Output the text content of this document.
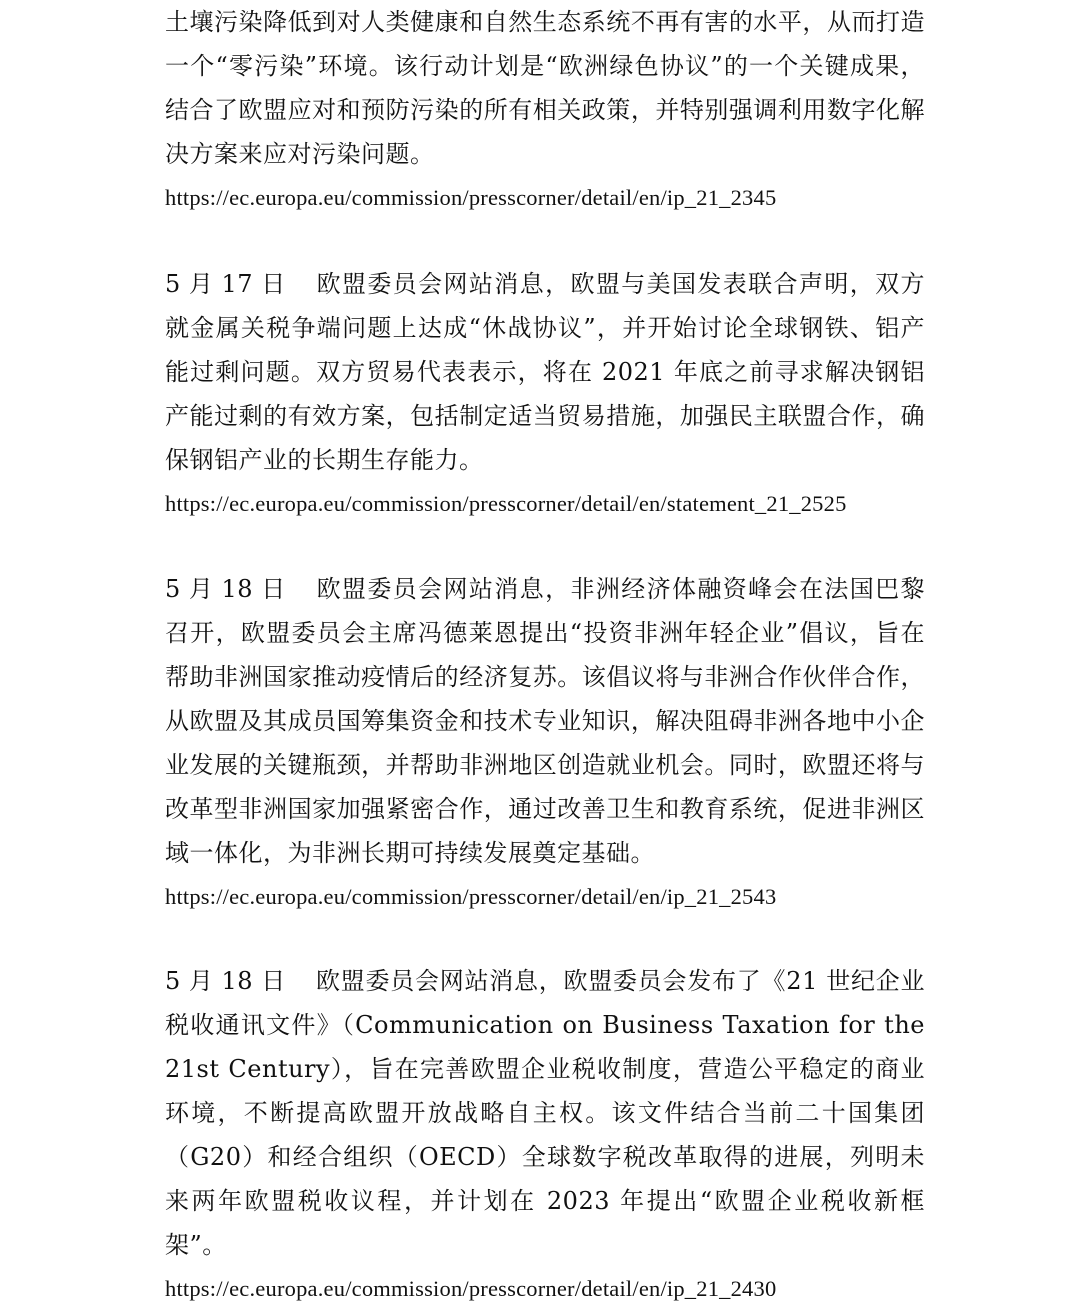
土壤污染降低到对人类健康和自然生态系统不再有害的水平，从而打造一个“零污染”环境。该行动计划是“欧洲绿色协议”的一个关键成果，结合了欧盟应对和预防污染的所有相关政策，并特别强调利用数字化解决方案来应对污染问题。

https://ec.europa.eu/commission/presscorner/detail/en/ip_21_2345

5 月 17 日 欧盟委员会网站消息，欧盟与美国发表联合声明，双方就金属关税争端问题上达成“休战协议”，并开始讨论全球钢铁、铝产能过剩问题。双方贸易代表表示，将在 2021 年底之前寻求解决钢铝产能过剩的有效方案，包括制定适当贸易措施，加强民主联盟合作，确保钢铝产业的长期生存能力。

https://ec.europa.eu/commission/presscorner/detail/en/statement_21_2525

5 月 18 日 欧盟委员会网站消息，非洲经济体融资峰会在法国巴黎召开，欧盟委员会主席冯德莱恩提出“投资非洲年轻企业”倡议，旨在帮助非洲国家推动疫情后的经济复苏。该倡议将与非洲合作伙伴合作，从欧盟及其成员国筹集资金和技术专业知识，解决阻碍非洲各地中小企业发展的关键瓶颈，并帮助非洲地区创造就业机会。同时，欧盟还将与改革型非洲国家加强紧密合作，通过改善卫生和教育系统，促进非洲区域一体化，为非洲长期可持续发展奠定基础。

https://ec.europa.eu/commission/presscorner/detail/en/ip_21_2543

5 月 18 日 欧盟委员会网站消息，欧盟委员会发布了《21 世纪企业税收通讯文件》（Communication on Business Taxation for the 21st Century），旨在完善欧盟企业税收制度，营造公平稳定的商业环境，不断提高欧盟开放战略自主权。该文件结合当前二十国集团（G20）和经合组织（OECD）全球数字税改革取得的进展，列明未来两年欧盟税收议程，并计划在 2023 年提出“欧盟企业税收新框架”。

https://ec.europa.eu/commission/presscorner/detail/en/ip_21_2430
